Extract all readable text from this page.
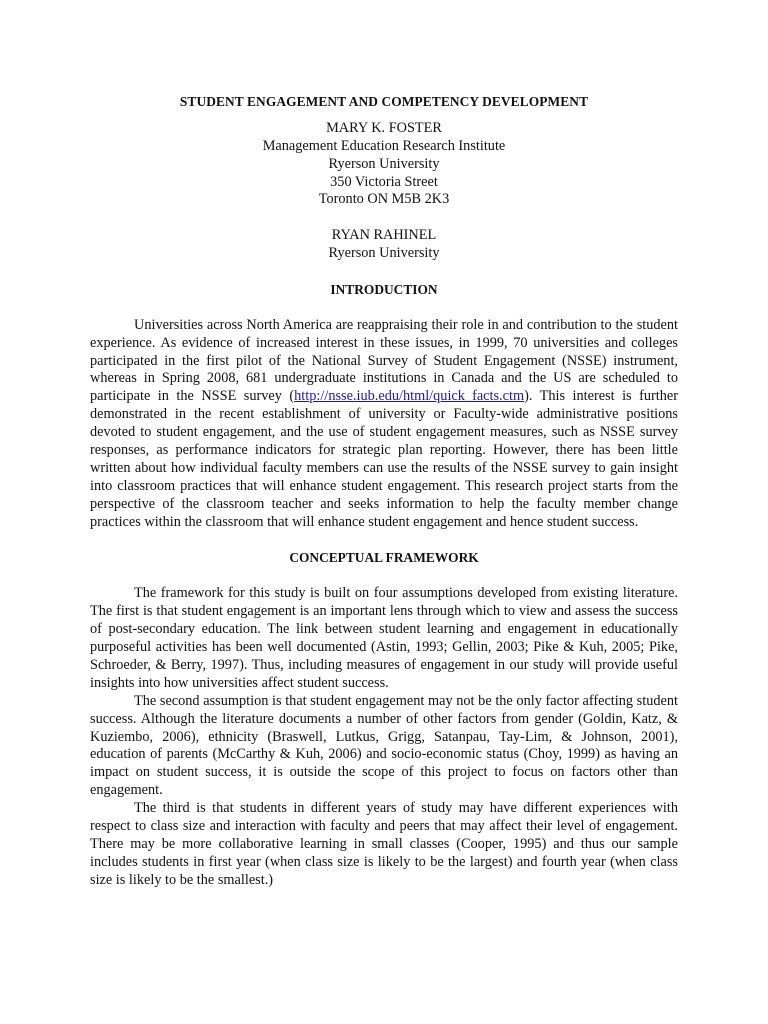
STUDENT ENGAGEMENT AND COMPETENCY DEVELOPMENT
MARY K. FOSTER
Management Education Research Institute
Ryerson University
350 Victoria Street
Toronto ON M5B 2K3
RYAN RAHINEL
Ryerson University
INTRODUCTION

Universities across North America are reappraising their role in and contribution to the student experience. As evidence of increased interest in these issues, in 1999, 70 universities and colleges participated in the first pilot of the National Survey of Student Engagement (NSSE) instrument, whereas in Spring 2008, 681 undergraduate institutions in Canada and the US are scheduled to participate in the NSSE survey (http://nsse.iub.edu/html/quick_facts.ctm). This interest is further demonstrated in the recent establishment of university or Faculty-wide administrative positions devoted to student engagement, and the use of student engagement measures, such as NSSE survey responses, as performance indicators for strategic plan reporting. However, there has been little written about how individual faculty members can use the results of the NSSE survey to gain insight into classroom practices that will enhance student engagement. This research project starts from the perspective of the classroom teacher and seeks information to help the faculty member change practices within the classroom that will enhance student engagement and hence student success.

CONCEPTUAL FRAMEWORK

The framework for this study is built on four assumptions developed from existing literature. The first is that student engagement is an important lens through which to view and assess the success of post-secondary education. The link between student learning and engagement in educationally purposeful activities has been well documented (Astin, 1993; Gellin, 2003; Pike & Kuh, 2005; Pike, Schroeder, & Berry, 1997). Thus, including measures of engagement in our study will provide useful insights into how universities affect student success.

The second assumption is that student engagement may not be the only factor affecting student success. Although the literature documents a number of other factors from gender (Goldin, Katz, & Kuziembo, 2006), ethnicity (Braswell, Lutkus, Grigg, Satanpau, Tay-Lim, & Johnson, 2001), education of parents (McCarthy & Kuh, 2006) and socio-economic status (Choy, 1999) as having an impact on student success, it is outside the scope of this project to focus on factors other than engagement.

The third is that students in different years of study may have different experiences with respect to class size and interaction with faculty and peers that may affect their level of engagement. There may be more collaborative learning in small classes (Cooper, 1995) and thus our sample includes students in first year (when class size is likely to be the largest) and fourth year (when class size is likely to be the smallest.)
